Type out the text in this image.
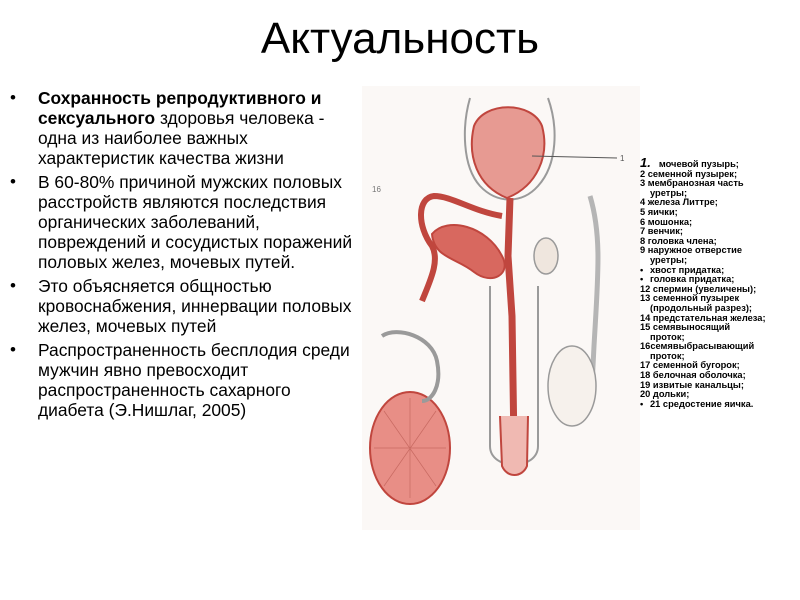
Актуальность
• Сохранность репродуктивного и сексуального здоровья человека - одна из наиболее важных характеристик качества жизни
• В 60-80% причиной мужских половых расстройств являются последствия органических заболеваний, повреждений и сосудистых поражений половых желез, мочевых путей.
• Это объясняется общностью кровоснабжения, иннервации половых желез, мочевых путей
• Распространенность бесплодия среди мужчин явно превосходит распространенность сахарного диабета (Э.Нишлаг, 2005)
1
16
1. мочевой пузырь;
2 семенной пузырек;
3 мембранозная часть
уретры;
4 железа Литтре;
5 яички;
6 мошонка;
7 венчик;
8 головка члена;
9 наружное отверстие
уретры;
• хвост придатка;
• головка придатка;
12 спермин (увеличены);
13 семенной пузырек
(продольный разрез);
14 предстательная железа;
15 семявыносящий
проток;
16семявыбрасывающий
проток;
17 семенной бугорок;
18 белочная оболочка;
19 извитые канальцы;
20 дольки;
• 21 средостение яичка.
